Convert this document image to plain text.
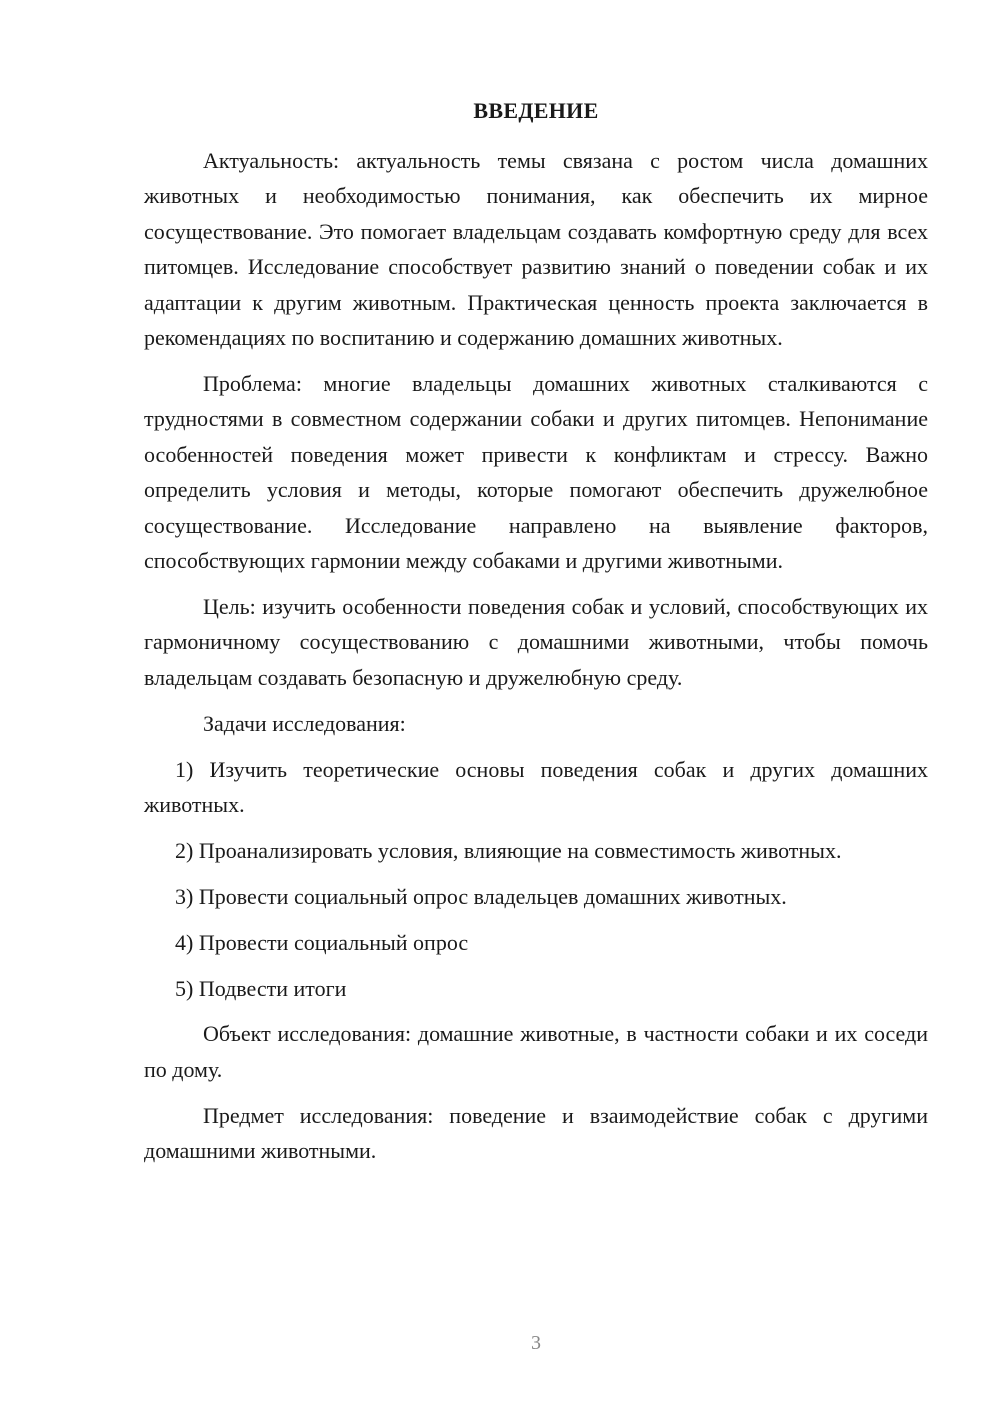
ВВЕДЕНИЕ

Актуальность: актуальность темы связана с ростом числа домашних животных и необходимостью понимания, как обеспечить их мирное сосуществование. Это помогает владельцам создавать комфортную среду для всех питомцев. Исследование способствует развитию знаний о поведении собак и их адаптации к другим животным. Практическая ценность проекта заключается в рекомендациях по воспитанию и содержанию домашних животных.

Проблема: многие владельцы домашних животных сталкиваются с трудностями в совместном содержании собаки и других питомцев. Непонимание особенностей поведения может привести к конфликтам и стрессу. Важно определить условия и методы, которые помогают обеспечить дружелюбное сосуществование. Исследование направлено на выявление факторов, способствующих гармонии между собаками и другими животными.

Цель: изучить особенности поведения собак и условий, способствующих их гармоничному сосуществованию с домашними животными, чтобы помочь владельцам создавать безопасную и дружелюбную среду.

Задачи исследования:

1) Изучить теоретические основы поведения собак и других домашних животных.

2) Проанализировать условия, влияющие на совместимость животных.

3) Провести социальный опрос владельцев домашних животных.

4) Провести социальный опрос

5) Подвести итоги

Объект исследования: домашние животные, в частности собаки и их соседи по дому.

Предмет исследования: поведение и взаимодействие собак с другими домашними животными.

3
